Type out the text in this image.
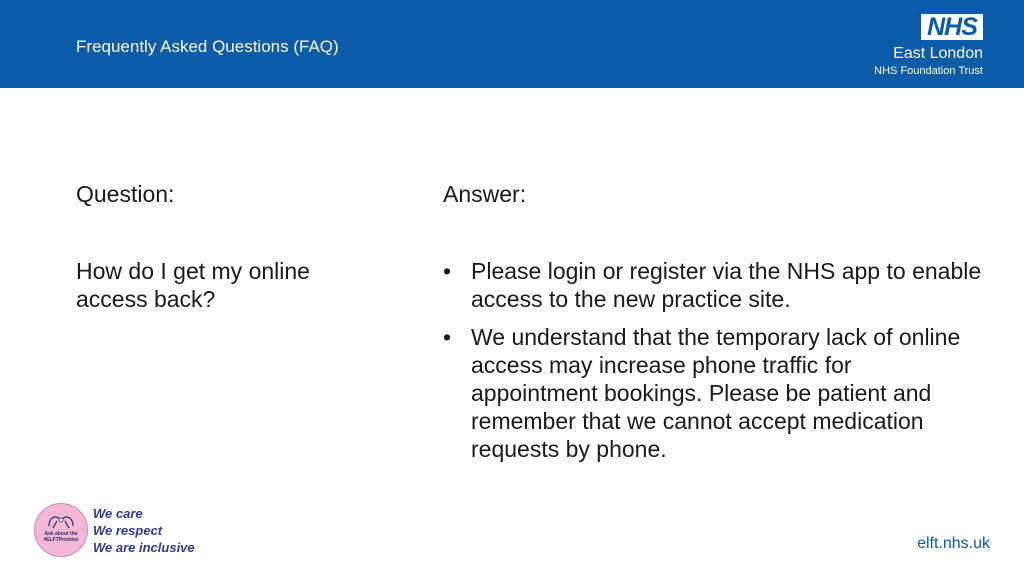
Frequently Asked Questions (FAQ)
NHS
East London
NHS Foundation Trust
Question:	Answer:
How do I get my online access back?
• Please login or register via the NHS app to enable access to the new practice site.
• We understand that the temporary lack of online access may increase phone traffic for appointment bookings. Please be patient and remember that we cannot accept medication requests by phone.
Ask about the #ELFTPromise
We care
We respect
We are inclusive	elft.nhs.uk
